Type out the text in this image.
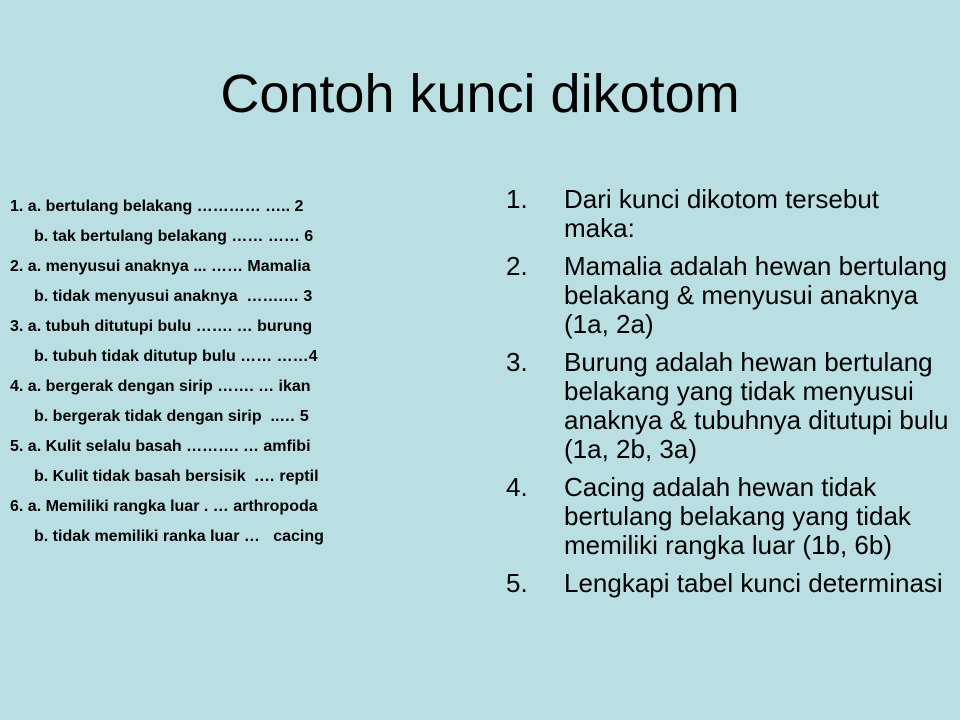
Contoh kunci dikotom
1. a. bertulang belakang ………… ….. 2
b. tak bertulang belakang …… …… 6
2. a. menyusui anaknya ... …… Mamalia
b. tidak menyusui anaknya  …….… 3
3. a. tubuh ditutupi bulu ……. … burung
b. tubuh tidak ditutup bulu …… ……4
4. a. bergerak dengan sirip ……. … ikan
b. bergerak tidak dengan sirip  ..… 5
5. a. Kulit selalu basah ………. … amfibi
b. Kulit tidak basah bersisik  .… reptil
6. a. Memiliki rangka luar . … arthropoda
b. tidak memiliki ranka luar …   cacing
1. Dari kunci dikotom tersebut maka:
2. Mamalia adalah hewan bertulang belakang & menyusui anaknya (1a, 2a)
3. Burung adalah hewan bertulang belakang yang tidak menyusui anaknya & tubuhnya ditutupi bulu (1a, 2b, 3a)
4. Cacing adalah hewan tidak bertulang belakang yang tidak memiliki rangka luar (1b, 6b)
5. Lengkapi tabel kunci determinasi
